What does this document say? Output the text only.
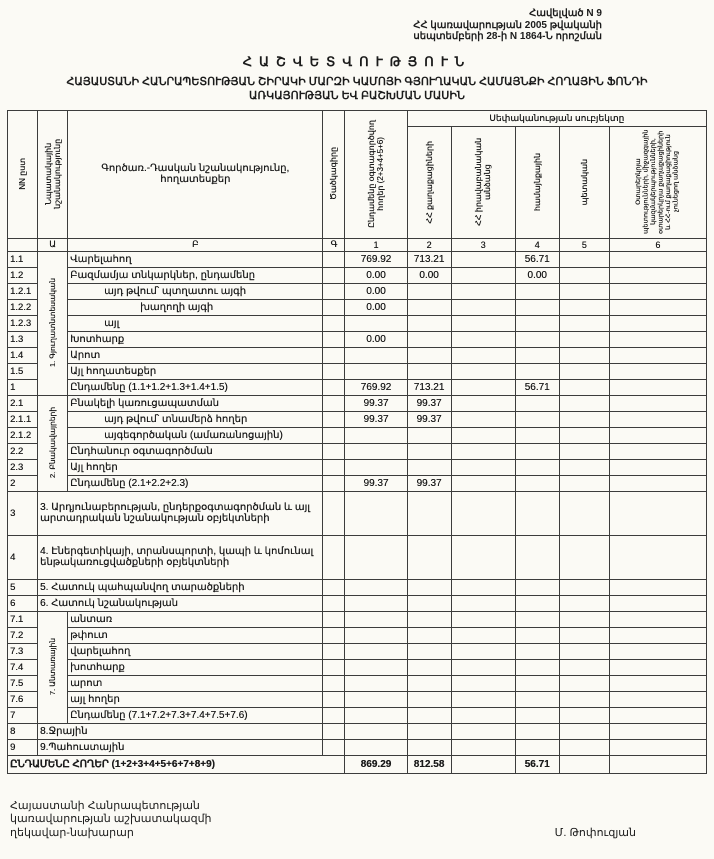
Հավելված N 9
ՀՀ կառավարության 2005 թվականի
սեպտեմբերի 28-ի N 1864-Ն որոշման
ՀԱՇՎԵՏՎՈՒԹՅՈՒՆ
ՀԱՅԱՍՏԱՆԻ ՀԱՆՐԱՊԵՏՈՒԹՅԱՆ ՇԻՐԱԿԻ ՄԱՐԶԻ ԿԱՄՈՅԻ ԳՅՈՒՂԱԿԱՆ ՀԱՄԱՅՆՔԻ ՀՈՂԱՅԻՆ ՖՈՆԴԻ
ԱՌԿԱՅՈՒԹՅԱՆ ԵՎ ԲԱՇԽՄԱՆ ՄԱՍԻՆ
NN ըստ	Նպատակային նշանակությունը	Գործառ.-Դասկան նշանակությունը, հողատեսքեր	Ծածկագիրը	Ընդամենը օգտագործվող հողեր (2+3+4+5+6)	Սեփականության սուբյեկտը				

					ՀՀ քաղաքացիների	ՀՀ իրավաբանական անձանց	համայնքային	պետական	Օտարերկրյա պետությունների, միջազգային կազմակերպությունների, օտարերկրյա քաղաքացիների և ՀՀ-ում քաղաքացիություն չունեցող անձանց

	Ա	Բ	Գ	1	2	3	4	5	6
1.1	1. Գյուղատնտեսական	Վարելահող		769.92	713.21		56.71		
1.2		Բազմամյա տնկարկներ, ընդամենը		0.00	0.00		0.00		
1.2.1		այդ թվում՝ պտղատու այգի		0.00					
1.2.2		խաղողի այգի		0.00					
1.2.3		այլ							
1.3		Խոտհարք		0.00					
1.4		Արոտ							
1.5		Այլ հողատեսքեր							
1		Ընդամենը (1.1+1.2+1.3+1.4+1.5)		769.92	713.21		56.71		
2.1	2. Բնակավայրերի	Բնակելի կառուցապատման		99.37	99.37				
2.1.1		այդ թվում՝ տնամերձ հողեր		99.37	99.37				
2.1.2		այգեգործական (ամառանոցային)							
2.2		Ընդհանուր օգտագործման							
2.3		Այլ հողեր							
2		Ընդամենը (2.1+2.2+2.3)		99.37	99.37				
3	3. Արդյունաբերության, ընդերքօգտագործման և այլ արտադրական նշանակության օբյեկտների								
4	4. Էներգետիկայի, տրանսպորտի, կապի և կոմունալ ենթակառուցվածքների օբյեկտների								
5	5. Հատուկ պահպանվող տարածքների								
6	6. Հատուկ նշանակության								
7.1	7. Անտառային	անտառ							
7.2		թփուտ							
7.3		վարելահող							
7.4		խոտհարք							
7.5		արոտ							
7.6		այլ հողեր							
7		Ընդամենը (7.1+7.2+7.3+7.4+7.5+7.6)							
8	8.Ջրային								
9	9.Պահուստային								
ԸՆԴԱՄԵՆԸ ՀՈՂԵՐ (1+2+3+4+5+6+7+8+9)				869.29	812.58		56.71		
Հայաստանի Հանրապետության
կառավարության աշխատակազմի
ղեկավար-նախարար	Մ. Թոփուզյան
